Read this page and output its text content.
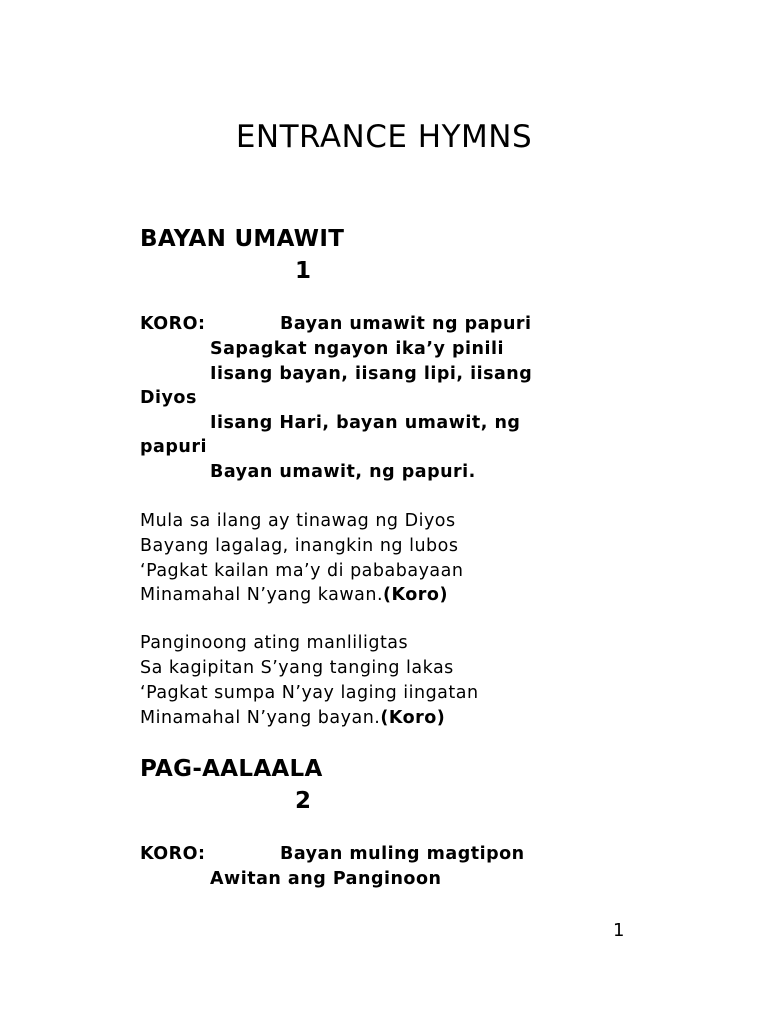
ENTRANCE HYMNS
BAYAN UMAWIT
1
KORO:	Bayan umawit ng papuri
Sapagkat ngayon ika’y pinili
Iisang bayan, iisang lipi, iisang
Diyos
Iisang Hari, bayan umawit, ng
papuri
Bayan umawit, ng papuri.
Mula sa ilang ay tinawag ng Diyos
Bayang lagalag, inangkin ng lubos
‘Pagkat kailan ma’y di pababayaan
Minamahal N’yang kawan.(Koro)
Panginoong ating manliligtas
Sa kagipitan S’yang tanging lakas
‘Pagkat sumpa N’yay laging iingatan
Minamahal N’yang bayan.(Koro)
PAG-AALAALA
2
KORO:	Bayan muling magtipon
Awitan ang Panginoon
1
